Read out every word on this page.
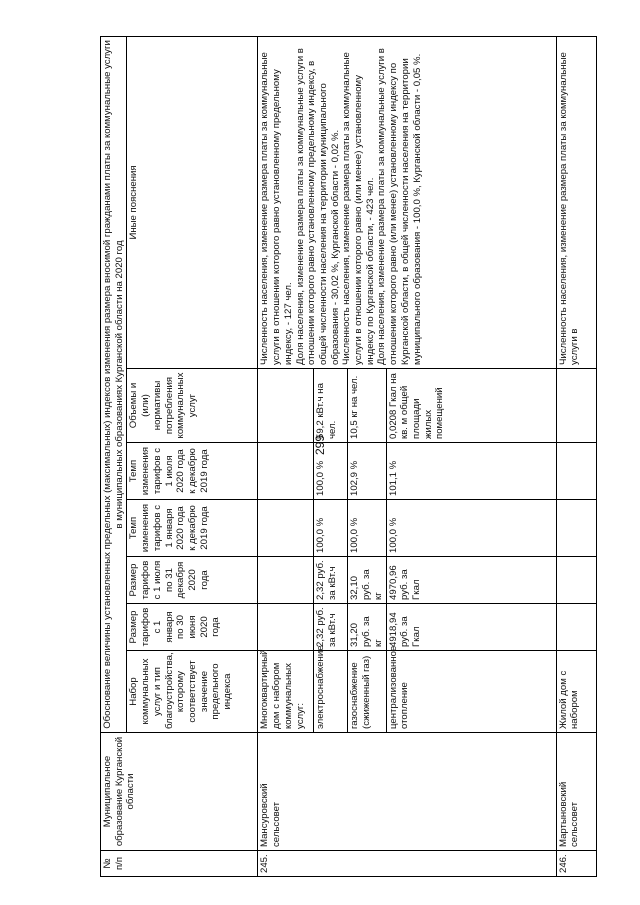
299
№ п/п	Муниципальное образование Курганской области	Обоснование величины установленных предельных (максимальных) индексов изменения размера вносимой гражданами платы за коммунальные услуги в муниципальных образованиях Курганской области на 2020 год						
		Набор коммунальных услуг и тип благоустройства, которому соответствует значение предельного индекса	Размер тарифов с 1 января по 30 июня 2020 года	Размер тарифов с 1 июля по 31 декабря 2020 года	Темп изменения тарифов с 1 января 2020 года к декабрю 2019 года	Темп изменения тарифов с 1 июля 2020 года к декабрю 2019 года	Объемы и (или) нормативы потребления коммунальных услуг	Иные пояснения
245.	Мансуровский сельсовет	Многоквартирный дом с набором коммунальных услуг:						Численность населения, изменение размера платы за коммунальные услуги в отношении которого равно установленному предельному индексу, - 127 чел.
Доля населения, изменение размера платы за коммунальные услуги в отношении которого равно установленному предельному индексу, в общей численности населения на территории муниципального образования - 30,02 %, Курганской области - 0,02 %.
Численность населения, изменение размера платы за коммунальные услуги в отношении которого равно (или менее) установленному индексу по Курганской области, - 423 чел.
Доля населения, изменение размера платы за коммунальные услуги в отношении которого равно (или менее) установленному индексу по Курганской области, в общей численности населения на территории муниципального образования - 100,0 %, Курганской области - 0,05 %.
		электроснабжение	2,32 руб. за кВт.ч	2,32 руб. за кВт.ч	100,0 %	100,0 %	59,2 кВт.ч на чел.	
		газоснабжение (сжиженный газ)	31,20 руб. за кг	32,10 руб. за кг	100,0 %	102,9 %	10,5 кг на чел.	
		централизованное отопление	4918,94 руб. за Гкал	4970,96 руб. за Гкал	100,0 %	101,1 %	0,0208 Гкал на кв. м общей площади жилых помещений	
246.	Мартыновский сельсовет	Жилой дом с набором						Численность населения, изменение размера платы за коммунальные услуги в
